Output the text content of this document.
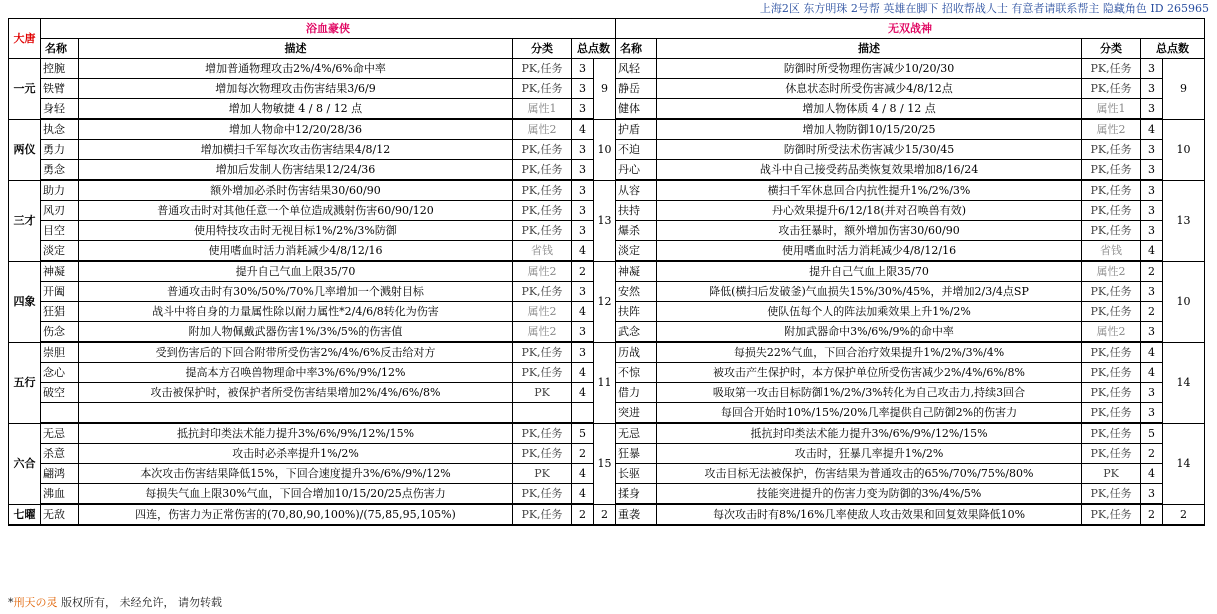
上海2区 东方明珠 2号帮 英雄在脚下 招收帮战人士 有意者请联系帮主 隐藏角色 ID 265965
大唐	浴血豪侠					无双战神				
	名称	描述	分类	总点数		名称	描述	分类	总点数	
一元	控腕	增加普通物理攻击2%/4%/6%命中率	PK,任务	3	9	风轻	防御时所受物理伤害减少10/20/30	PK,任务	3	9
	铁臂	增加每次物理攻击伤害结果3/6/9	PK,任务	3		静岳	休息状态时所受伤害减少4/8/12点	PK,任务	3	
	身轻	增加人物敏捷 4 / 8 / 12 点	属性1	3		健体	增加人物体质 4 / 8 / 12 点	属性1	3	
两仪	执念	增加人物命中12/20/28/36	属性2	4	10	护盾	增加人物防御10/15/20/25	属性2	4	10
	勇力	增加横扫千军每次攻击伤害结果4/8/12	PK,任务	3		不迫	防御时所受法术伤害减少15/30/45	PK,任务	3	
	勇念	增加后发制人伤害结果12/24/36	PK,任务	3		丹心	战斗中自己接受药品类恢复效果增加8/16/24	PK,任务	3	
三才	助力	额外增加必杀时伤害结果30/60/90	PK,任务	3	13	从容	横扫千军休息回合内抗性提升1%/2%/3%	PK,任务	3	13
	风刃	普通攻击时对其他任意一个单位造成溅射伤害60/90/120	PK,任务	3		扶持	丹心效果提升6/12/18(并对召唤兽有效)	PK,任务	3	
	目空	使用特技攻击时无视目标1%/2%/3%防御	PK,任务	3		爆杀	攻击狂暴时，额外增加伤害30/60/90	PK,任务	3	
	淡定	使用嗜血时活力消耗减少4/8/12/16	省钱	4		淡定	使用嗜血时活力消耗减少4/8/12/16	省钱	4	
四象	神凝	提升自己气血上限35/70	属性2	2	12	神凝	提升自己气血上限35/70	属性2	2	10
	开阖	普通攻击时有30%/50%/70%几率增加一个溅射目标	PK,任务	3		安然	降低(横扫后发破釜)气血损失15%/30%/45%，并增加2/3/4点SP	PK,任务	3	
	狂猖	战斗中将自身的力量属性除以耐力属性*2/4/6/8转化为伤害	属性2	4		扶阵	使队伍每个人的阵法加乘效果上升1%/2%	PK,任务	2	
	伤念	附加人物佩戴武器伤害1%/3%/5%的伤害值	属性2	3		武念	附加武器命中3%/6%/9%的命中率	属性2	3	
五行	崇胆	受到伤害后的下回合附带所受伤害2%/4%/6%反击给对方	PK,任务	3	11	历战	每损失22%气血，下回合治疗效果提升1%/2%/3%/4%	PK,任务	4	14
	念心	提高本方召唤兽物理命中率3%/6%/9%/12%	PK,任务	4		不惊	被攻击产生保护时，本方保护单位所受伤害减少2%/4%/6%/8%	PK,任务	4	
	破空	攻击被保护时，被保护者所受伤害结果增加2%/4%/6%/8%	PK	4		借力	吸取第一攻击目标防御1%/2%/3%转化为自己攻击力,持续3回合	PK,任务	3	
						突进	每回合开始时10%/15%/20%几率提供自己防御2%的伤害力	PK,任务	3	
六合	无忌	抵抗封印类法术能力提升3%/6%/9%/12%/15%	PK,任务	5	15	无忌	抵抗封印类法术能力提升3%/6%/9%/12%/15%	PK,任务	5	14
	杀意	攻击时必杀率提升1%/2%	PK,任务	2		狂暴	攻击时，狂暴几率提升1%/2%	PK,任务	2	
	翩鸿	本次攻击伤害结果降低15%，下回合速度提升3%/6%/9%/12%	PK	4		长驱	攻击目标无法被保护，伤害结果为普通攻击的65%/70%/75%/80%	PK	4	
	沸血	每损失气血上限30%气血，下回合增加10/15/20/25点伤害力	PK,任务	4		揉身	技能突进提升的伤害力变为防御的3%/4%/5%	PK,任务	3	
七曜	无敌	四连，伤害力为正常伤害的(70,80,90,100%)/(75,85,95,105%)	PK,任务	2	2	重袭	每次攻击时有8%/16%几率使敌人攻击效果和回复效果降低10%	PK,任务	2	2
*刑天の灵 版权所有， 未经允许， 请勿转载
